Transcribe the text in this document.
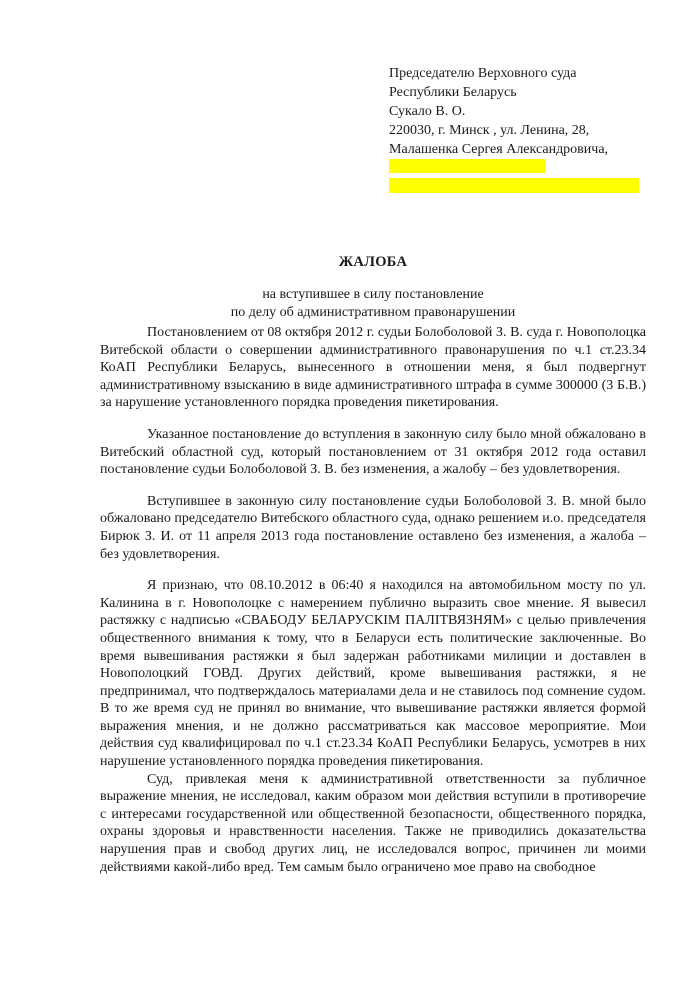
Председателю Верховного суда
Республики Беларусь
Сукало В. О.
220030, г. Минск , ул. Ленина, 28,
Малашенка Сергея Александровича,
ЖАЛОБА
на вступившее в силу постановление
по делу об административном правонарушении

Постановлением от 08 октября 2012 г. судьи Болоболовой З. В. суда г. Новополоцка Витебской области о совершении административного правонарушения по ч.1 ст.23.34 КоАП Республики Беларусь, вынесенного в отношении меня, я был подвергнут административному взысканию в виде административного штрафа в сумме 300000 (3 Б.В.) за нарушение установленного порядка проведения пикетирования.

Указанное постановление до вступления в законную силу было мной обжаловано в Витебский областной суд, который постановлением от 31 октября 2012 года оставил постановление судьи Болоболовой З. В. без изменения, а жалобу – без удовлетворения.

Вступившее в законную силу постановление судьи Болоболовой З. В. мной было обжаловано председателю Витебского областного суда, однако решением и.о. председателя Бирюк З. И. от 11 апреля 2013 года постановление оставлено без изменения, а жалоба – без удовлетворения.

Я признаю, что 08.10.2012 в 06:40 я находился на автомобильном мосту по ул. Калинина в г. Новополоцке с намерением публично выразить свое мнение. Я вывесил растяжку с надписью «СВАБОДУ БЕЛАРУСКІМ ПАЛІТВЯЗНЯМ» с целью привлечения общественного внимания к тому, что в Беларуси есть политические заключенные. Во время вывешивания растяжки я был задержан работниками милиции и доставлен в Новополоцкий ГОВД. Других действий, кроме вывешивания растяжки, я не предпринимал, что подтверждалось материалами дела и не ставилось под сомнение судом. В то же время суд не принял во внимание, что вывешивание растяжки является формой выражения мнения, и не должно рассматриваться как массовое мероприятие. Мои действия суд квалифицировал по ч.1 ст.23.34 КоАП Республики Беларусь, усмотрев в них нарушение установленного порядка проведения пикетирования.

Суд, привлекая меня к административной ответственности за публичное выражение мнения, не исследовал, каким образом мои действия вступили в противоречие с интересами государственной или общественной безопасности, общественного порядка, охраны здоровья и нравственности населения. Также не приводились доказательства нарушения прав и свобод других лиц, не исследовался вопрос, причинен ли моими действиями какой-либо вред. Тем самым было ограничено мое право на свободное
